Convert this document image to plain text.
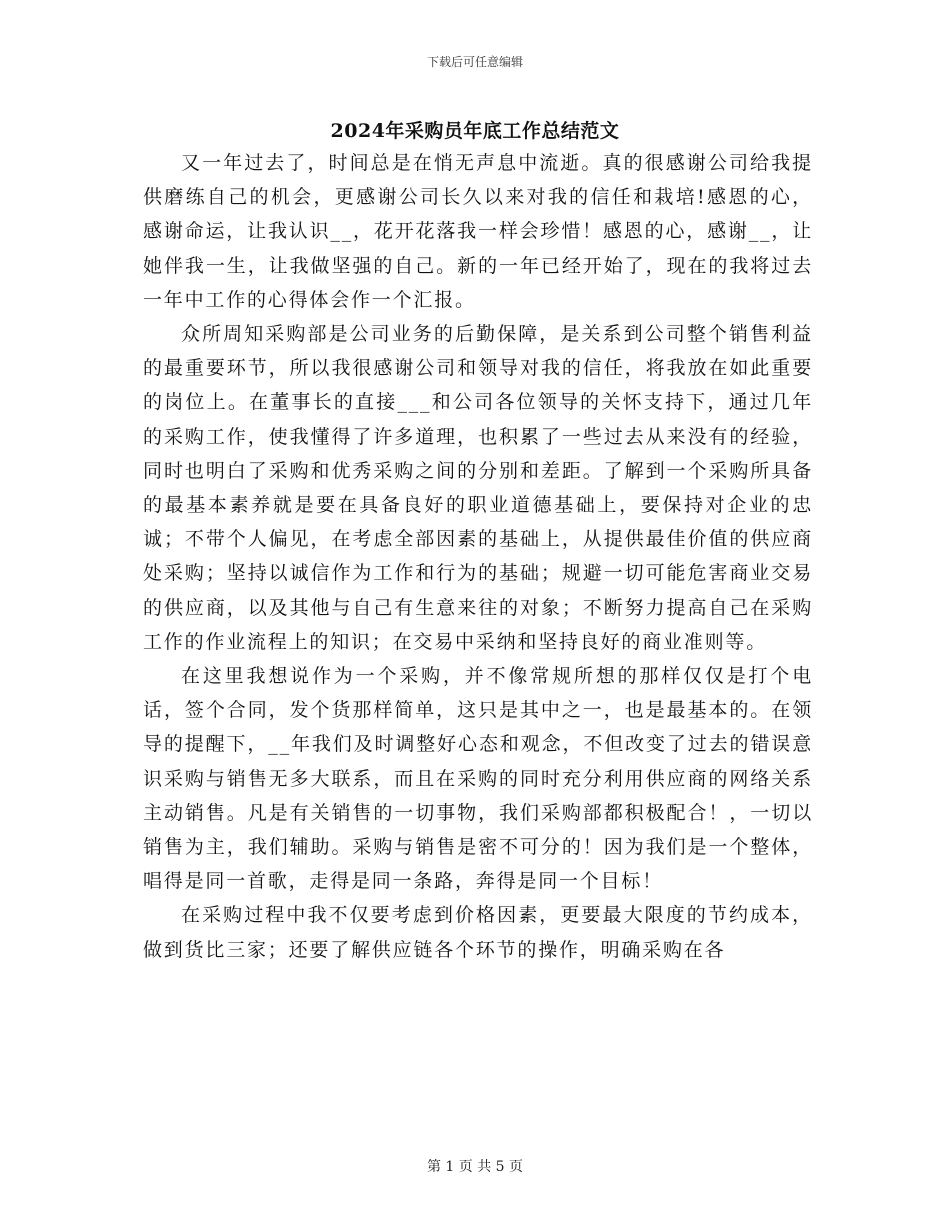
下载后可任意编辑
2024年采购员年底工作总结范文

又一年过去了，时间总是在悄无声息中流逝。真的很感谢公司给我提供磨练自己的机会，更感谢公司长久以来对我的信任和栽培!感恩的心，感谢命运，让我认识__，花开花落我一样会珍惜！感恩的心，感谢__，让她伴我一生，让我做坚强的自己。新的一年已经开始了，现在的我将过去一年中工作的心得体会作一个汇报。

众所周知采购部是公司业务的后勤保障，是关系到公司整个销售利益的最重要环节，所以我很感谢公司和领导对我的信任，将我放在如此重要的岗位上。在董事长的直接___和公司各位领导的关怀支持下，通过几年的采购工作，使我懂得了许多道理，也积累了一些过去从来没有的经验，同时也明白了采购和优秀采购之间的分别和差距。了解到一个采购所具备的最基本素养就是要在具备良好的职业道德基础上，要保持对企业的忠诚；不带个人偏见，在考虑全部因素的基础上，从提供最佳价值的供应商处采购；坚持以诚信作为工作和行为的基础；规避一切可能危害商业交易的供应商，以及其他与自己有生意来往的对象；不断努力提高自己在采购工作的作业流程上的知识；在交易中采纳和坚持良好的商业准则等。

在这里我想说作为一个采购，并不像常规所想的那样仅仅是打个电话，签个合同，发个货那样简单，这只是其中之一，也是最基本的。在领导的提醒下，__年我们及时调整好心态和观念，不但改变了过去的错误意识采购与销售无多大联系，而且在采购的同时充分利用供应商的网络关系主动销售。凡是有关销售的一切事物，我们采购部都积极配合！，一切以销售为主，我们辅助。采购与销售是密不可分的！因为我们是一个整体，唱得是同一首歌，走得是同一条路，奔得是同一个目标！

在采购过程中我不仅要考虑到价格因素，更要最大限度的节约成本，做到货比三家；还要了解供应链各个环节的操作，明确采购在各

第 1 页 共 5 页
